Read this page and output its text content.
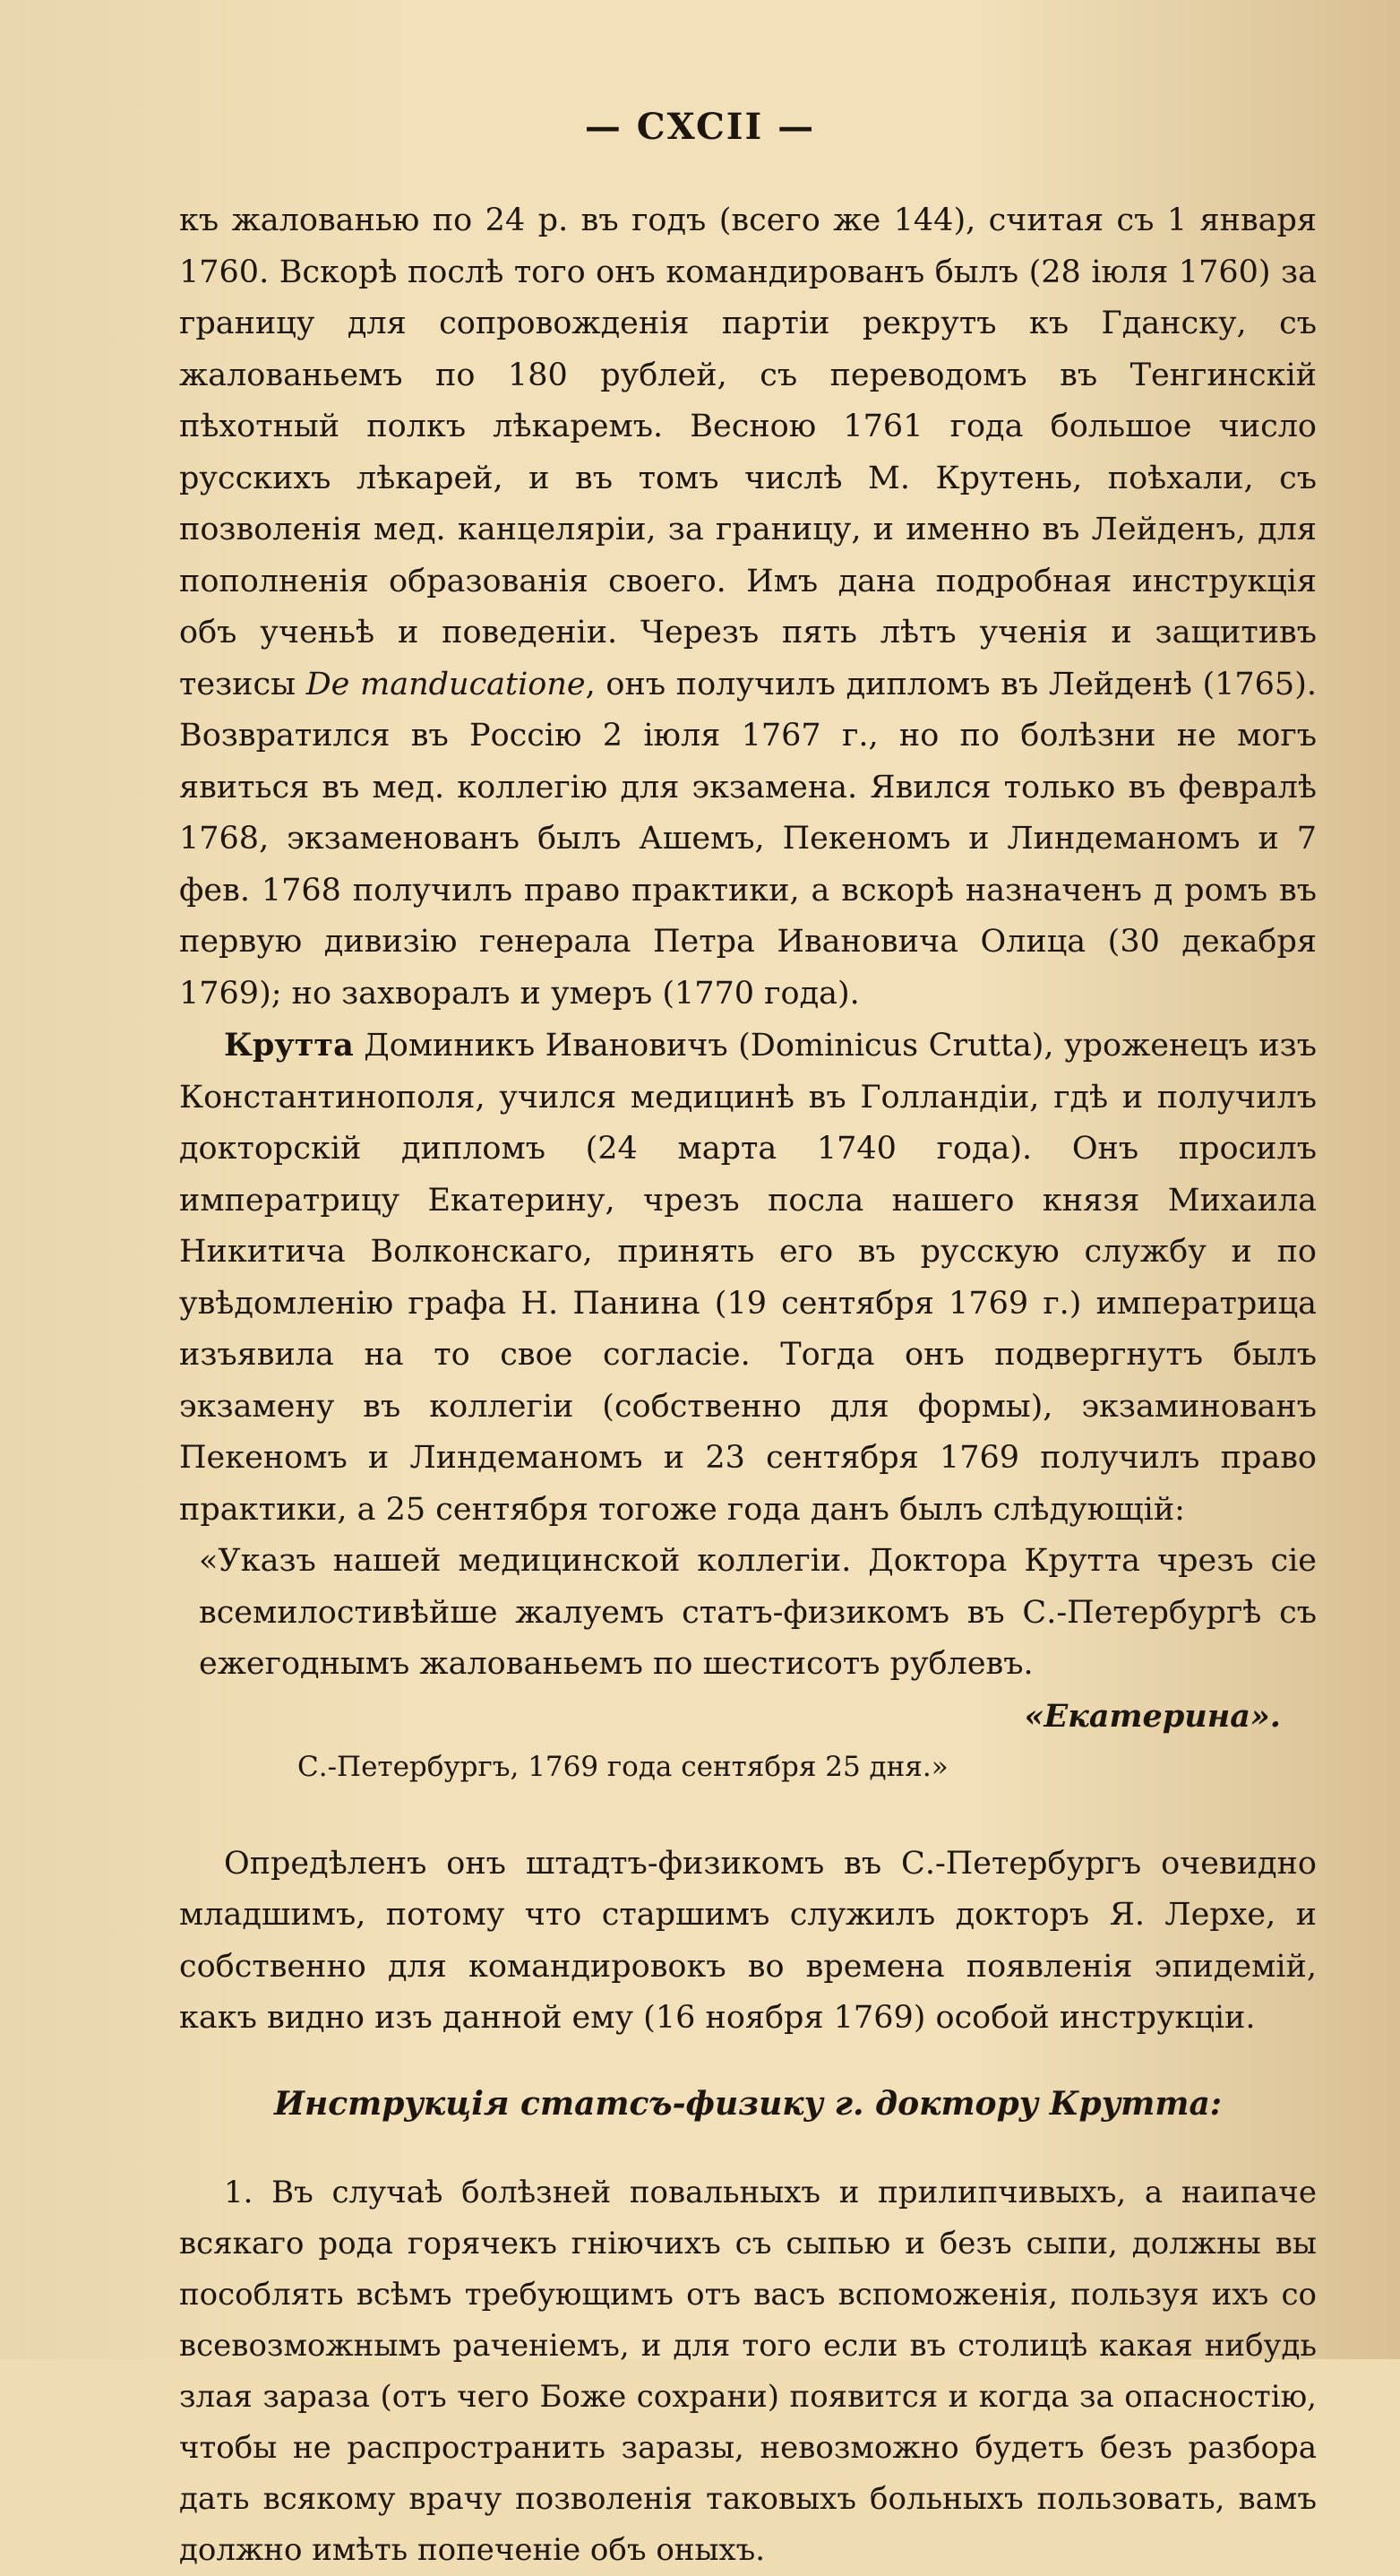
— CXCII —

къ жалованью по 24 р. въ годъ (всего же 144), считая съ 1 января 1760. Вскорѣ послѣ того онъ командированъ былъ (28 іюля 1760) за границу для сопровожденія партіи рекрутъ къ Гданску, съ жалованьемъ по 180 рублей, съ переводомъ въ Тенгинскій пѣхотный полкъ лѣкаремъ. Весною 1761 года большое число русскихъ лѣкарей, и въ томъ числѣ М. Крутень, поѣхали, съ позволенія мед. канцеляріи, за границу, и именно въ Лейденъ, для пополненія образованія своего. Имъ дана подробная инструкція объ ученьѣ и поведеніи. Черезъ пять лѣтъ ученія и защитивъ тезисы De manducatione, онъ получилъ дипломъ въ Лейденѣ (1765). Возвратился въ Россію 2 іюля 1767 г., но по болѣзни не могъ явиться въ мед. коллегію для экзамена. Явился только въ февралѣ 1768, экзаменованъ былъ Ашемъ, Пекеномъ и Линдеманомъ и 7 фев. 1768 получилъ право практики, а вскорѣ назначенъ д ромъ въ первую дивизію генерала Петра Ивановича Олица (30 декабря 1769); но захворалъ и умеръ (1770 года).

Крутта Доминикъ Ивановичъ (Dominicus Crutta), уроженецъ изъ Константинополя, учился медицинѣ въ Голландіи, гдѣ и получилъ докторскій дипломъ (24 марта 1740 года). Онъ просилъ императрицу Екатерину, чрезъ посла нашего князя Михаила Никитича Волконскаго, принять его въ русскую службу и по увѣдомленію графа Н. Панина (19 сентября 1769 г.) императрица изъявила на то свое согласіе. Тогда онъ подвергнутъ былъ экзамену въ коллегіи (собственно для формы), экзаминованъ Пекеномъ и Линдеманомъ и 23 сентября 1769 получилъ право практики, а 25 сентября тогоже года данъ былъ слѣдующій:

«Указъ нашей медицинской коллегіи. Доктора Крутта чрезъ сіе всемилостивѣйше жалуемъ статъ-физикомъ въ С.-Петербургѣ съ ежегоднымъ жалованьемъ по шестисотъ рублевъ.

«Екатерина».
С.-Петербургъ, 1769 года сентября 25 дня.»

Опредѣленъ онъ штадтъ-физикомъ въ С.-Петербургъ очевидно младшимъ, потому что старшимъ служилъ докторъ Я. Лерхе, и собственно для командировокъ во времена появленія эпидемій, какъ видно изъ данной ему (16 ноября 1769) особой инструкціи.

Инструкція статсъ-физику г. доктору Крутта:

1. Въ случаѣ болѣзней повальныхъ и прилипчивыхъ, а наипаче всякаго рода горячекъ гніючихъ съ сыпью и безъ сыпи, должны вы пособлять всѣмъ требующимъ отъ васъ вспоможенія, пользуя ихъ со всевозможнымъ раченіемъ, и для того если въ столицѣ какая нибудь злая зараза (отъ чего Боже сохрани) появится и когда за опасностію, чтобы не распространить заразы, невозможно будетъ безъ разбора дать всякому врачу позволенія таковыхъ больныхъ пользовать, вамъ должно имѣть попеченіе объ оныхъ.
